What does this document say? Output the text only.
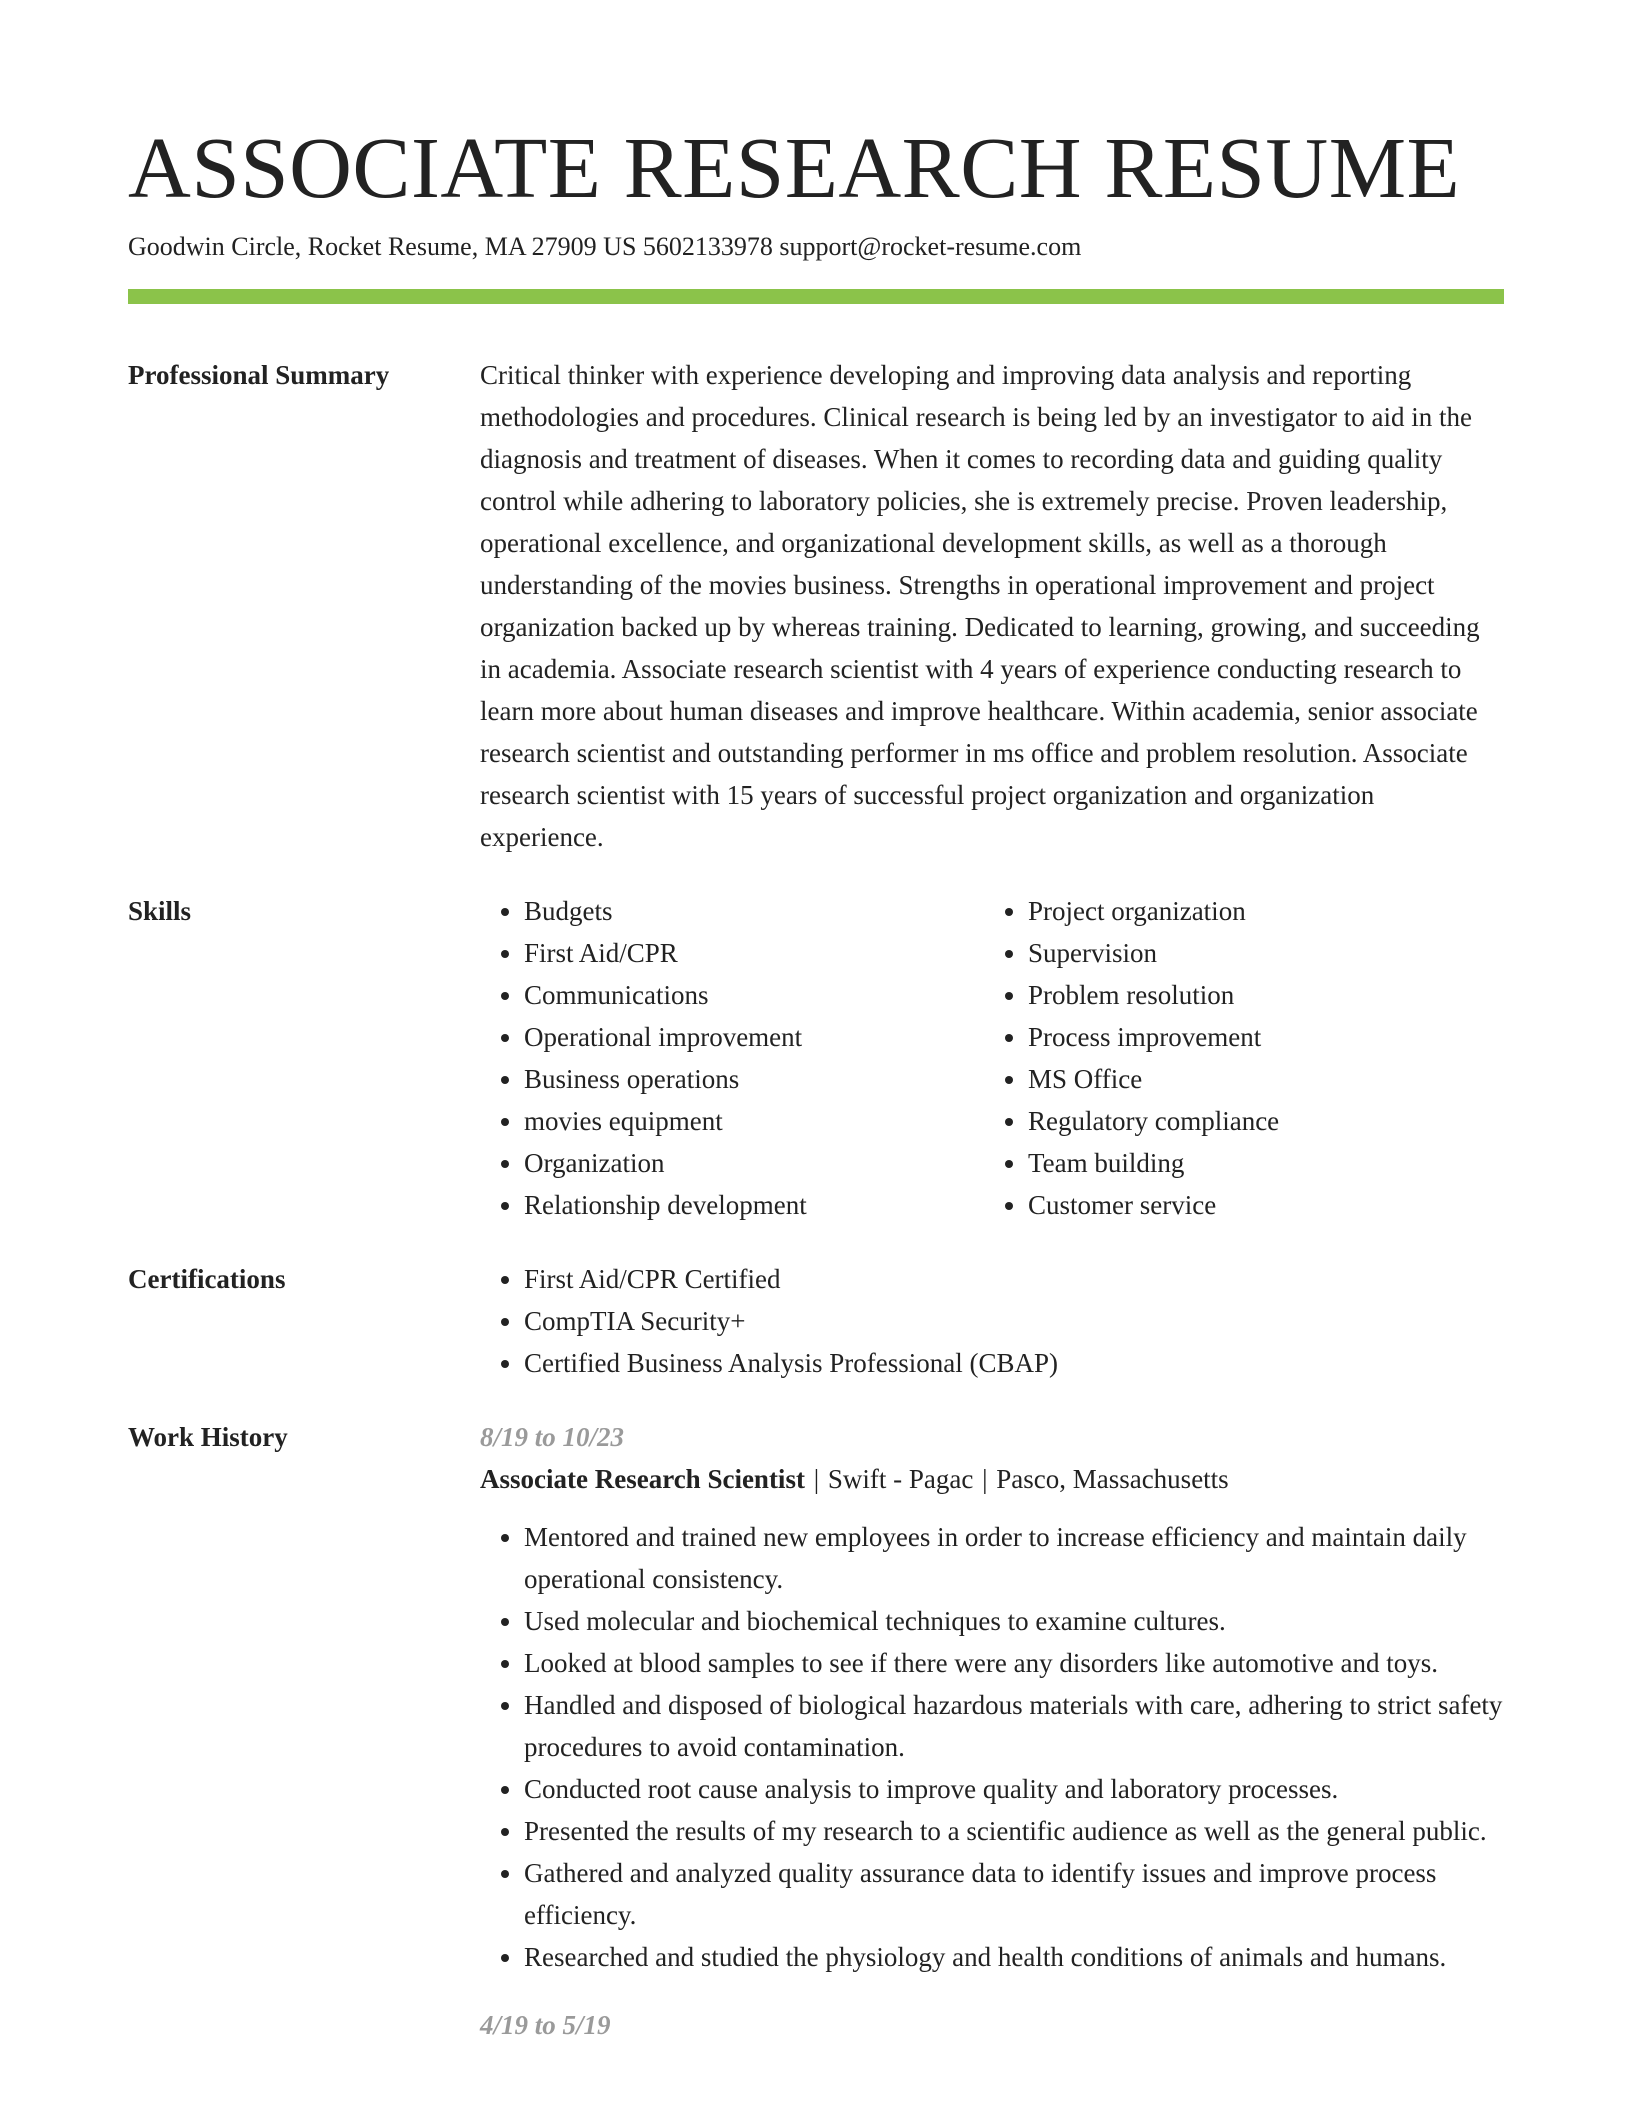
ASSOCIATE RESEARCH RESUME
Goodwin Circle, Rocket Resume, MA 27909 US 5602133978 support@rocket-resume.com
Professional Summary	Critical thinker with experience developing and improving data analysis and reporting methodologies and procedures. Clinical research is being led by an investigator to aid in the diagnosis and treatment of diseases. When it comes to recording data and guiding quality control while adhering to laboratory policies, she is extremely precise. Proven leadership, operational excellence, and organizational development skills, as well as a thorough understanding of the movies business. Strengths in operational improvement and project organization backed up by whereas training. Dedicated to learning, growing, and succeeding in academia. Associate research scientist with 4 years of experience conducting research to learn more about human diseases and improve healthcare. Within academia, senior associate research scientist and outstanding performer in ms office and problem resolution. Associate research scientist with 15 years of successful project organization and organization experience.

Skills	• Budgets
• First Aid/CPR
• Communications
• Operational improvement
• Business operations
• movies equipment
• Organization
• Relationship development
• Project organization
• Supervision
• Problem resolution
• Process improvement
• MS Office
• Regulatory compliance
• Team building
• Customer service
Certifications	• First Aid/CPR Certified
• CompTIA Security+
• Certified Business Analysis Professional (CBAP)
Work History	8/19 to 10/23
Associate Research Scientist | Swift - Pagac | Pasco, Massachusetts
• Mentored and trained new employees in order to increase efficiency and maintain daily operational consistency.
• Used molecular and biochemical techniques to examine cultures.
• Looked at blood samples to see if there were any disorders like automotive and toys.
• Handled and disposed of biological hazardous materials with care, adhering to strict safety procedures to avoid contamination.
• Conducted root cause analysis to improve quality and laboratory processes.
• Presented the results of my research to a scientific audience as well as the general public.
• Gathered and analyzed quality assurance data to identify issues and improve process efficiency.
• Researched and studied the physiology and health conditions of animals and humans.
4/19 to 5/19
